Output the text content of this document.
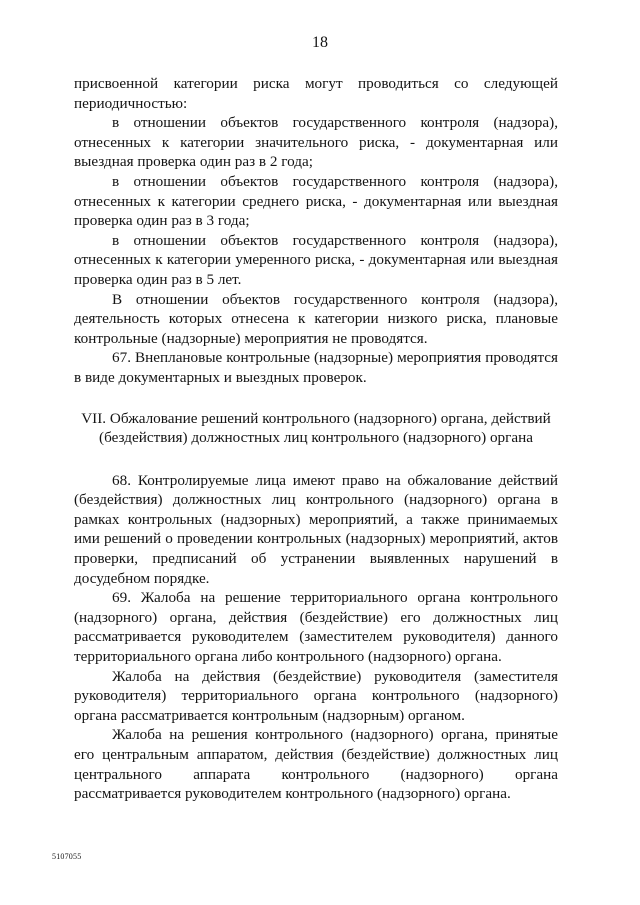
18

присвоенной категории риска могут проводиться со следующей периодичностью:

в отношении объектов государственного контроля (надзора), отнесенных к категории значительного риска, - документарная или выездная проверка один раз в 2 года;

в отношении объектов государственного контроля (надзора), отнесенных к категории среднего риска, - документарная или выездная проверка один раз в 3 года;

в отношении объектов государственного контроля (надзора), отнесенных к категории умеренного риска, - документарная или выездная проверка один раз в 5 лет.

В отношении объектов государственного контроля (надзора), деятельность которых отнесена к категории низкого риска, плановые контрольные (надзорные) мероприятия не проводятся.

67. Внеплановые контрольные (надзорные) мероприятия проводятся в виде документарных и выездных проверок.

VII. Обжалование решений контрольного (надзорного) органа, действий
(бездействия) должностных лиц контрольного (надзорного) органа

68. Контролируемые лица имеют право на обжалование действий (бездействия) должностных лиц контрольного (надзорного) органа в рамках контрольных (надзорных) мероприятий, а также принимаемых ими решений о проведении контрольных (надзорных) мероприятий, актов проверки, предписаний об устранении выявленных нарушений в досудебном порядке.

69. Жалоба на решение территориального органа контрольного (надзорного) органа, действия (бездействие) его должностных лиц рассматривается руководителем (заместителем руководителя) данного территориального органа либо контрольного (надзорного) органа.

Жалоба на действия (бездействие) руководителя (заместителя руководителя) территориального органа контрольного (надзорного) органа рассматривается контрольным (надзорным) органом.

Жалоба на решения контрольного (надзорного) органа, принятые его центральным аппаратом, действия (бездействие) должностных лиц центрального аппарата контрольного (надзорного) органа рассматривается руководителем контрольного (надзорного) органа.

5107055
